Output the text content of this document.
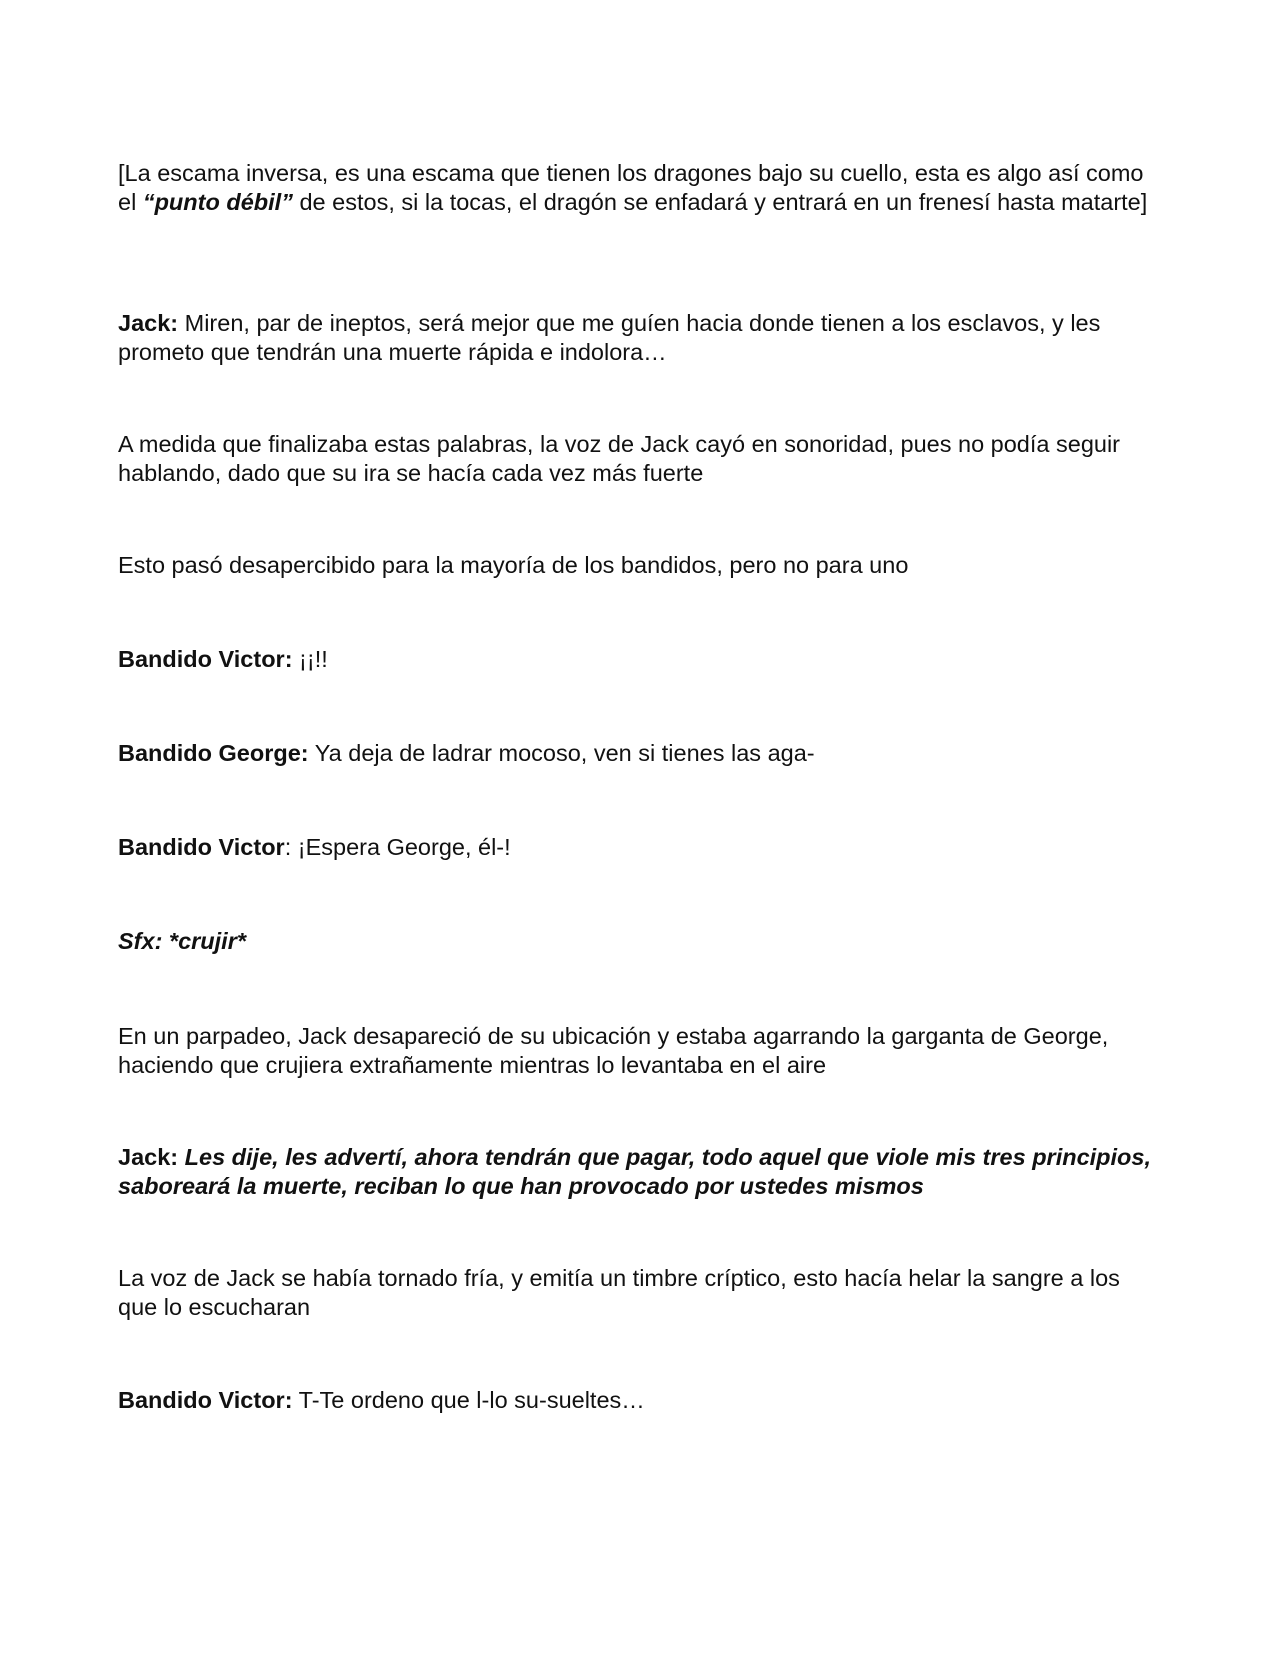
[La escama inversa, es una escama que tienen los dragones bajo su cuello, esta es algo así como el “punto débil” de estos, si la tocas, el dragón se enfadará y entrará en un frenesí hasta matarte]

Jack: Miren, par de ineptos, será mejor que me guíen hacia donde tienen a los esclavos, y les prometo que tendrán una muerte rápida e indolora…

A medida que finalizaba estas palabras, la voz de Jack cayó en sonoridad, pues no podía seguir hablando, dado que su ira se hacía cada vez más fuerte

Esto pasó desapercibido para la mayoría de los bandidos, pero no para uno

Bandido Victor: ¡¡!!

Bandido George: Ya deja de ladrar mocoso, ven si tienes las aga-

Bandido Victor: ¡Espera George, él-!

Sfx: *crujir*

En un parpadeo, Jack desapareció de su ubicación y estaba agarrando la garganta de George, haciendo que crujiera extrañamente mientras lo levantaba en el aire

Jack: Les dije, les advertí, ahora tendrán que pagar, todo aquel que viole mis tres principios, saboreará la muerte, reciban lo que han provocado por ustedes mismos

La voz de Jack se había tornado fría, y emitía un timbre críptico, esto hacía helar la sangre a los que lo escucharan

Bandido Victor: T-Te ordeno que l-lo su-sueltes…
